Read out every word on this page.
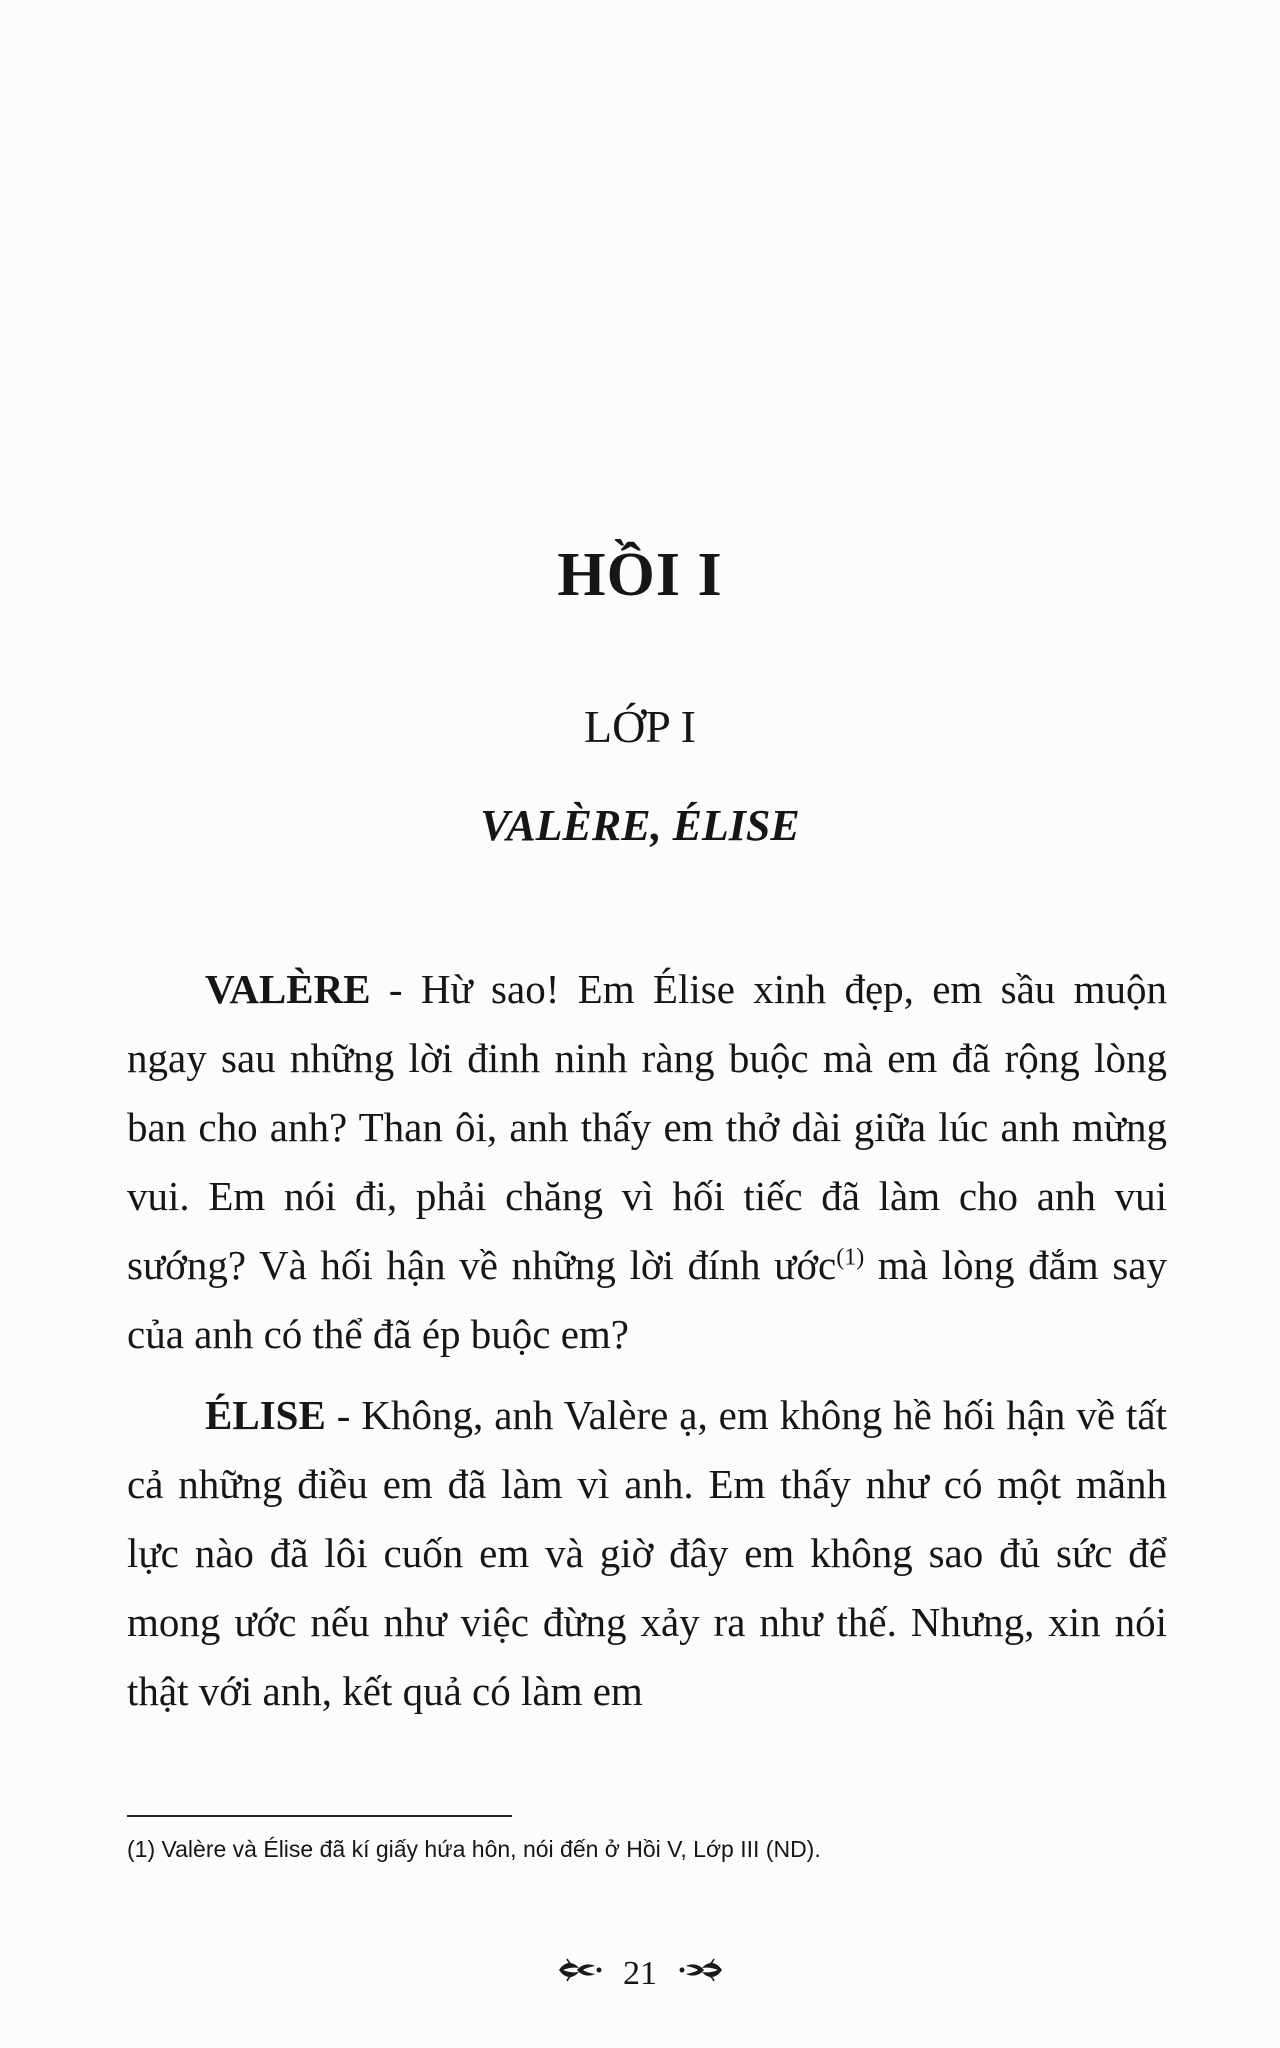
HỒI I
LỚP I
VALÈRE, ÉLISE

VALÈRE - Hừ sao! Em Élise xinh đẹp, em sầu muộn ngay sau những lời đinh ninh ràng buộc mà em đã rộng lòng ban cho anh? Than ôi, anh thấy em thở dài giữa lúc anh mừng vui. Em nói đi, phải chăng vì hối tiếc đã làm cho anh vui sướng? Và hối hận về những lời đính ước$^{(1)}$ mà lòng đắm say của anh có thể đã ép buộc em?

ÉLISE - Không, anh Valère ạ, em không hề hối hận về tất cả những điều em đã làm vì anh. Em thấy như có một mãnh lực nào đã lôi cuốn em và giờ đây em không sao đủ sức để mong ước nếu như việc đừng xảy ra như thế. Nhưng, xin nói thật với anh, kết quả có làm em

(1) Valère và Élise đã kí giấy hứa hôn, nói đến ở Hồi V, Lớp III (ND).

21
